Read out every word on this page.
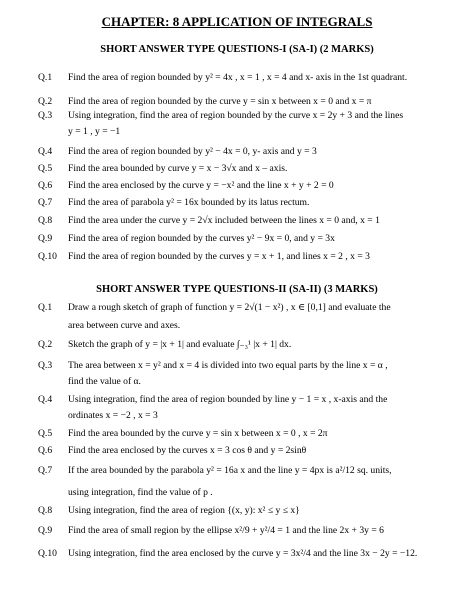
CHAPTER: 8 APPLICATION OF INTEGRALS
SHORT ANSWER TYPE QUESTIONS-I (SA-I) (2 MARKS)
Q.1 Find the area of region bounded by y² = 4x , x = 1 , x = 4 and x- axis in the 1st quadrant.
Q.2 Find the area of region bounded by the curve y = sin x between x = 0 and x = π
Q.3 Using integration, find the area of region bounded by the curve x = 2y + 3 and the lines
y = 1 , y = −1
Q.4 Find the area of region bounded by y² − 4x = 0, y- axis and y = 3
Q.5 Find the area bounded by curve y = x − 3√x and x – axis.
Q.6 Find the area enclosed by the curve y = −x² and the line x + y + 2 = 0
Q.7 Find the area of parabola y² = 16x bounded by its latus rectum.
Q.8 Find the area under the curve y = 2√x included between the lines x = 0 and, x = 1
Q.9 Find the area of region bounded by the curves y² − 9x = 0, and y = 3x
Q.10 Find the area of region bounded by the curves y = x + 1, and lines x = 2 , x = 3
SHORT ANSWER TYPE QUESTIONS-II (SA-II) (3 MARKS)
Q.1 Draw a rough sketch of graph of function y = 2√(1 − x²) , x ∈ [0,1] and evaluate the
area between curve and axes.
Q.2 Sketch the graph of y = |x + 1| and evaluate ∫₋₃¹ |x + 1| dx.
Q.3 The area between x = y² and x = 4 is divided into two equal parts by the line x = α ,
find the value of α.
Q.4 Using integration, find the area of region bounded by line y − 1 = x , x-axis and the
ordinates x = −2 , x = 3
Q.5 Find the area bounded by the curve y = sin x between x = 0 , x = 2π
Q.6 Find the area enclosed by the curves x = 3 cos θ and y = 2sinθ
Q.7 If the area bounded by the parabola y² = 16a x and the line y = 4px is a²/12 sq. units,
using integration, find the value of p .
Q.8 Using integration, find the area of region {(x, y): x² ≤ y ≤ x}
Q.9 Find the area of small region by the ellipse x²/9 + y²/4 = 1 and the line 2x + 3y = 6
Q.10 Using integration, find the area enclosed by the curve y = 3x²/4 and the line 3x − 2y = −12.
